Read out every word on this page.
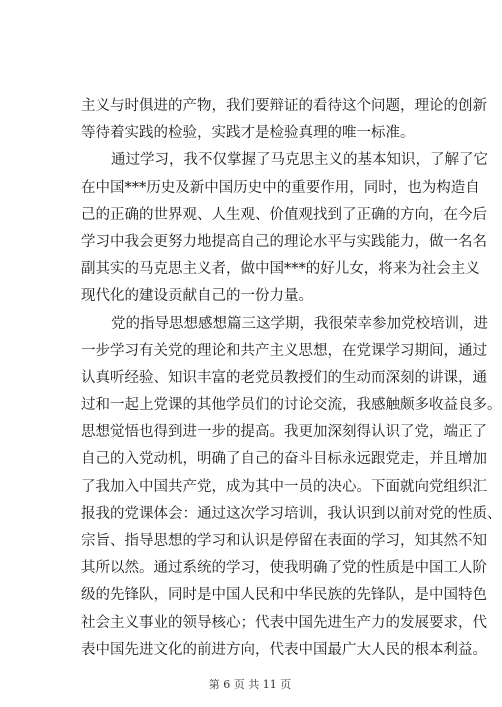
主义与时俱进的产物，我们要辩证的看待这个问题，理论的创新
等待着实践的检验，实践才是检验真理的唯一标准。
通过学习，我不仅掌握了马克思主义的基本知识，了解了它
在中国***历史及新中国历史中的重要作用，同时，也为构造自
己的正确的世界观、人生观、价值观找到了正确的方向，在今后
学习中我会更努力地提高自己的理论水平与实践能力，做一名名
副其实的马克思主义者，做中国***的好儿女，将来为社会主义
现代化的建设贡献自己的一份力量。
党的指导思想感想篇三这学期，我很荣幸参加党校培训，进
一步学习有关党的理论和共产主义思想，在党课学习期间，通过
认真听经验、知识丰富的老党员教授们的生动而深刻的讲课，通
过和一起上党课的其他学员们的讨论交流，我感触颇多收益良多。
思想觉悟也得到进一步的提高。我更加深刻得认识了党，端正了
自己的入党动机，明确了自己的奋斗目标永远跟党走，并且增加
了我加入中国共产党，成为其中一员的决心。下面就向党组织汇
报我的党课体会：通过这次学习培训，我认识到以前对党的性质、
宗旨、指导思想的学习和认识是停留在表面的学习，知其然不知
其所以然。通过系统的学习，使我明确了党的性质是中国工人阶
级的先锋队，同时是中国人民和中华民族的先锋队，是中国特色
社会主义事业的领导核心；代表中国先进生产力的发展要求，代
表中国先进文化的前进方向，代表中国最广大人民的根本利益。
第 6 页 共 11 页
